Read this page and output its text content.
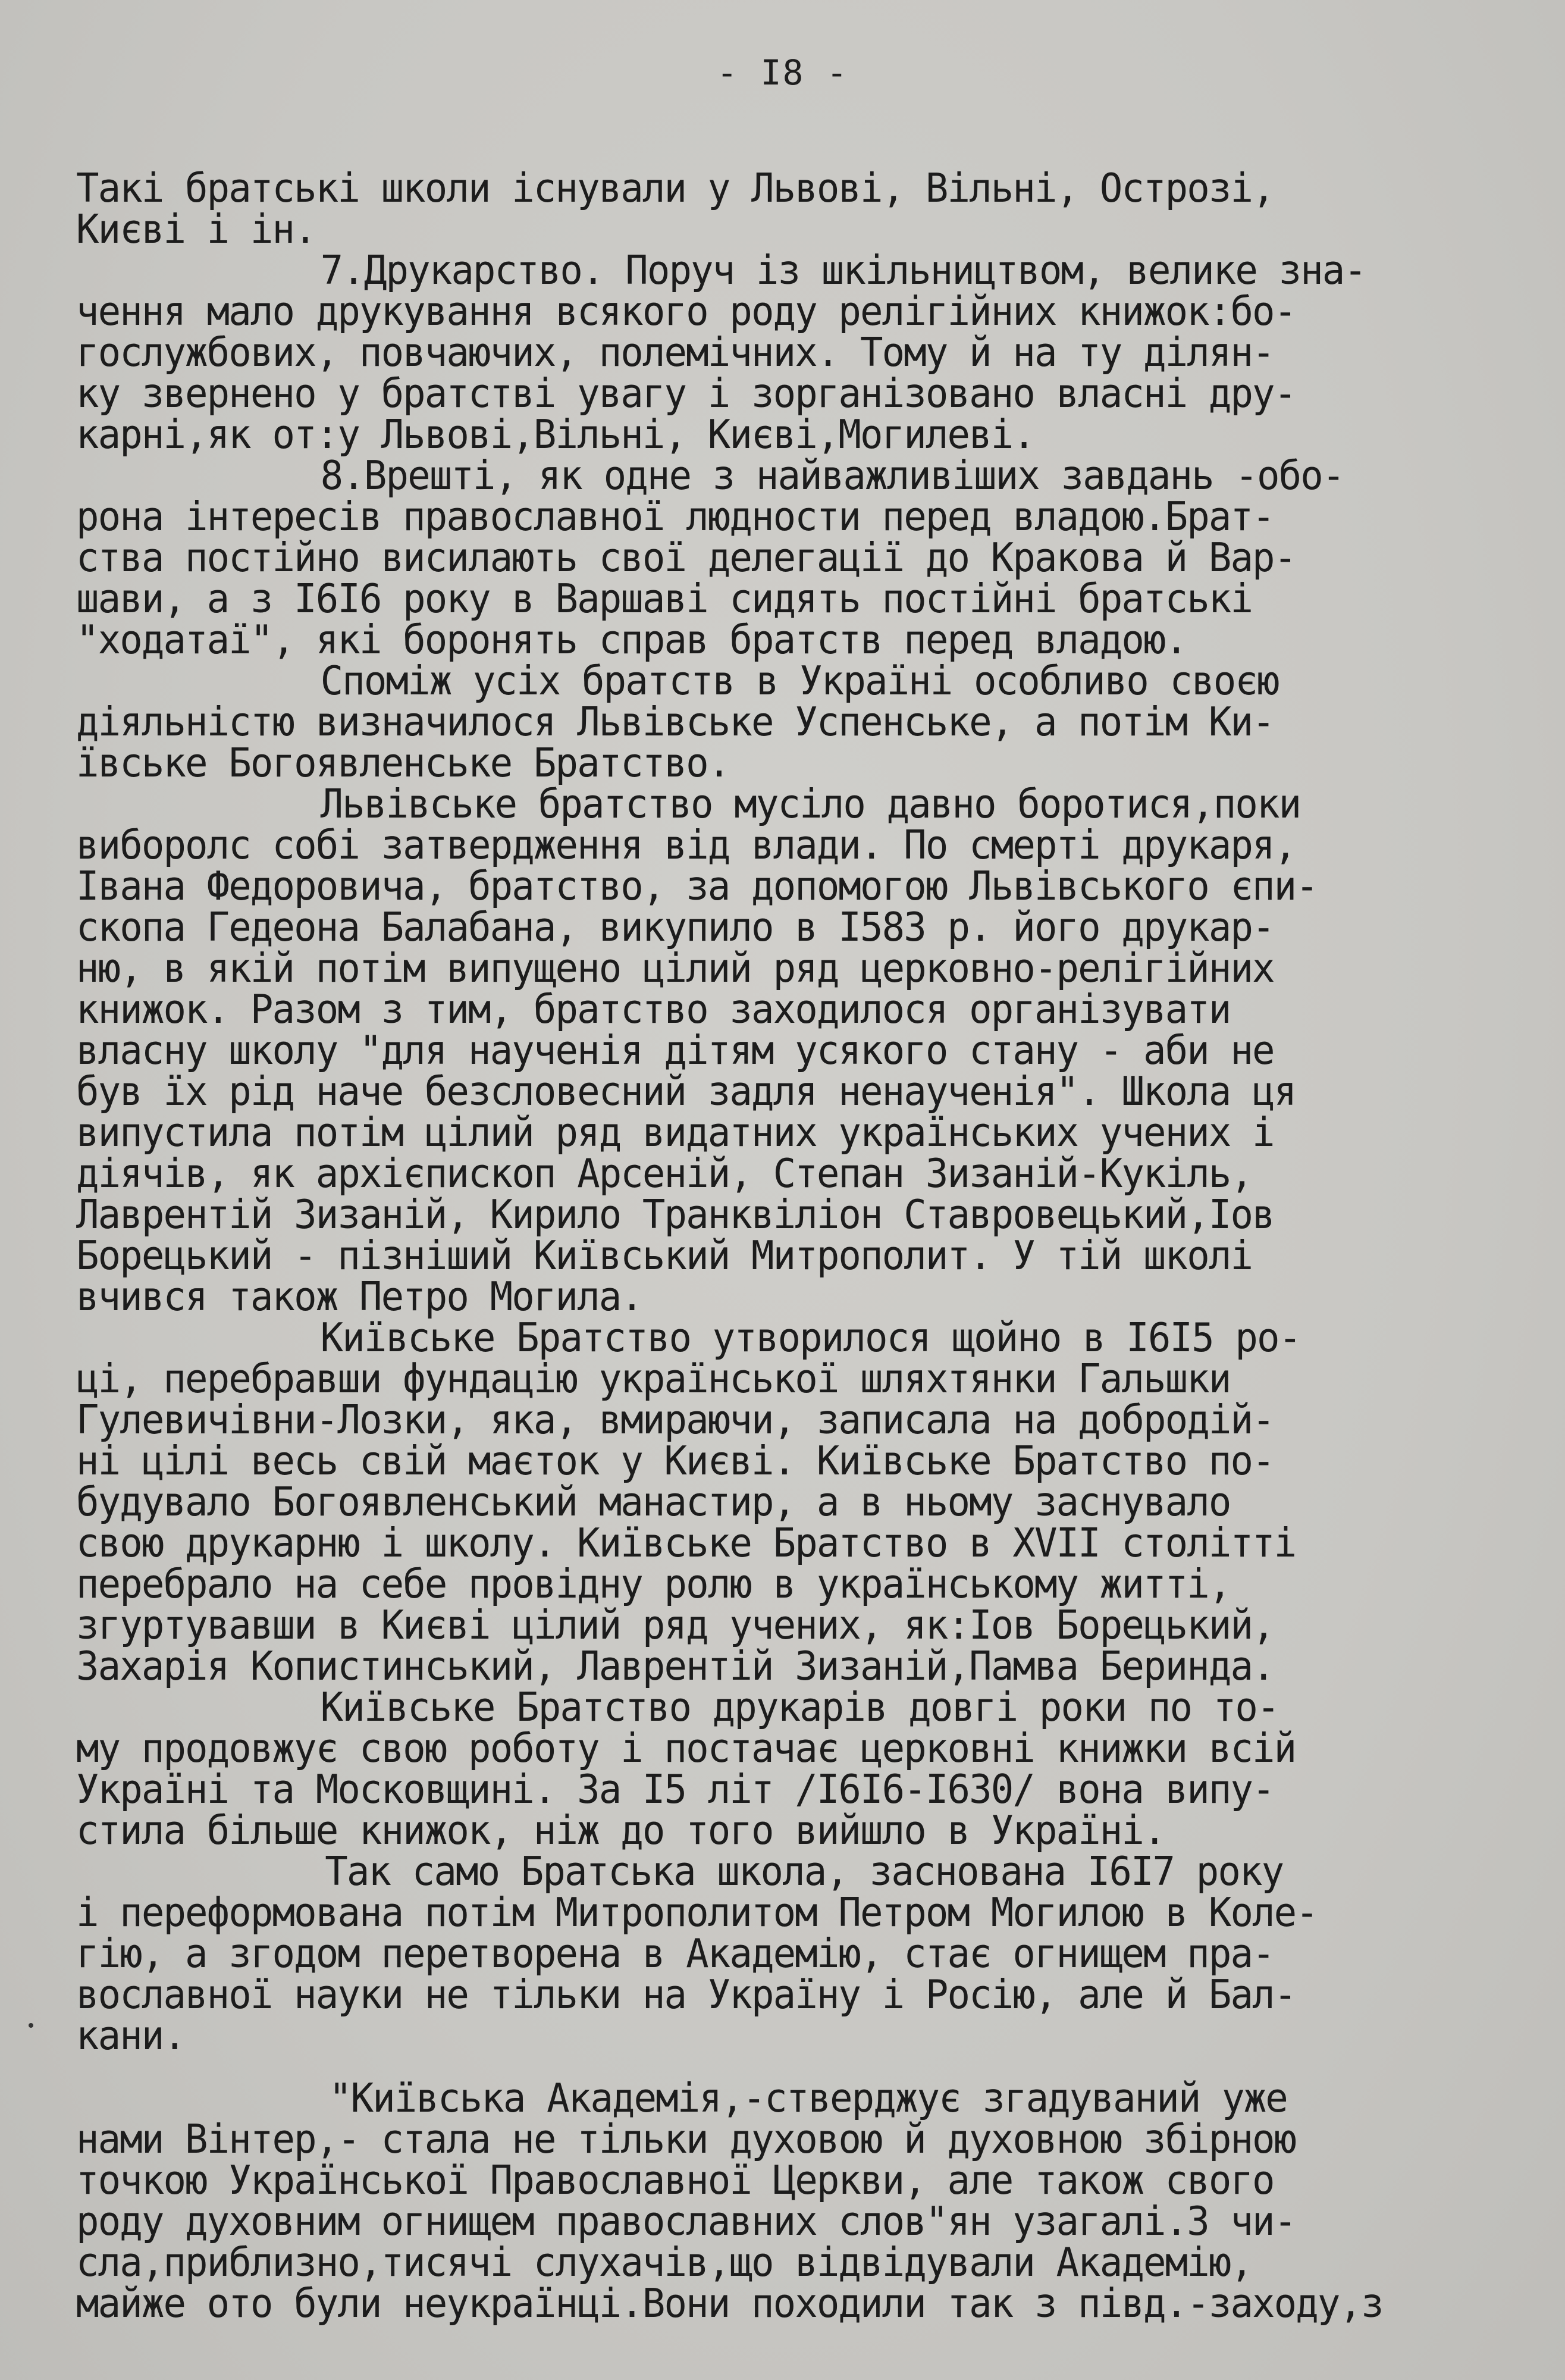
- I8 -
Такі братські школи існували у Львові, Вільні, Острозі,
Києві і ін.
7.Друкарство. Поруч із шкільництвом, велике зна-
чення мало друкування всякого роду релігійних книжок:бо-
гослужбових, повчаючих, полемічних. Тому й на ту ділян-
ку звернено у братстві увагу і зорганізовано власні дру-
карні,як от:у Львові,Вільні, Києві,Могилеві.
8.Врешті, як одне з найважливіших завдань -обо-
рона інтересів православної людности перед владою.Брат-
ства постійно висилають свої делегації до Кракова й Вар-
шави, а з I6I6 року в Варшаві сидять постійні братські
"ходатаї", які боронять справ братств перед владою.
Споміж усіх братств в Україні особливо своєю
діяльністю визначилося Львівське Успенське, а потім Ки-
ївське Богоявленське Братство.
Львівське братство мусіло давно боротися,поки
виборолс собі затвердження від влади. По смерті друкаря,
Івана Федоровича, братство, за допомогою Львівського єпи-
скопа Гедеона Балабана, викупило в I583 р. його друкар-
ню, в якій потім випущено цілий ряд церковно-релігійних
книжок. Разом з тим, братство заходилося організувати
власну школу "для наученія дітям усякого стану - аби не
був їх рід наче безсловесний задля ненаученія". Школа ця
випустила потім цілий ряд видатних українських учених і
діячів, як архієпископ Арсеній, Степан Зизаній-Кукіль,
Лаврентій Зизаній, Кирило Транквіліон Ставровецький,Іов
Борецький - пізніший Київський Митрополит. У тій школі
вчився також Петро Могила.
Київське Братство утворилося щойно в I6I5 ро-
ці, перебравши фундацію української шляхтянки Гальшки
Гулевичівни-Лозки, яка, вмираючи, записала на добродій-
ні цілі весь свій маєток у Києві. Київське Братство по-
будувало Богоявленський манастир, а в ньому заснувало
свою друкарню і школу. Київське Братство в XVII столітті
перебрало на себе провідну ролю в українському житті,
згуртувавши в Києві цілий ряд учених, як:Іов Борецький,
Захарія Копистинський, Лаврентій Зизаній,Памва Беринда.
Київське Братство друкарів довгі роки по то-
му продовжує свою роботу і постачає церковні книжки всій
Україні та Московщині. За I5 літ /I6I6-I630/ вона випу-
стила більше книжок, ніж до того вийшло в Україні.
Так само Братська школа, заснована I6I7 року
і переформована потім Митрополитом Петром Могилою в Коле-
гію, а згодом перетворена в Академію, стає огнищем пра-
вославної науки не тільки на Україну і Росію, але й Бал-
кани.
"Київська Академія,-стверджує згадуваний уже
нами Вінтер,- стала не тільки духовою й духовною збірною
точкою Української Православної Церкви, але також свого
роду духовним огнищем православних слов"ян узагалі.З чи-
сла,приблизно,тисячі слухачів,що відвідували Академію,
майже ото були неукраїнці.Вони походили так з півд.-заходу,з
